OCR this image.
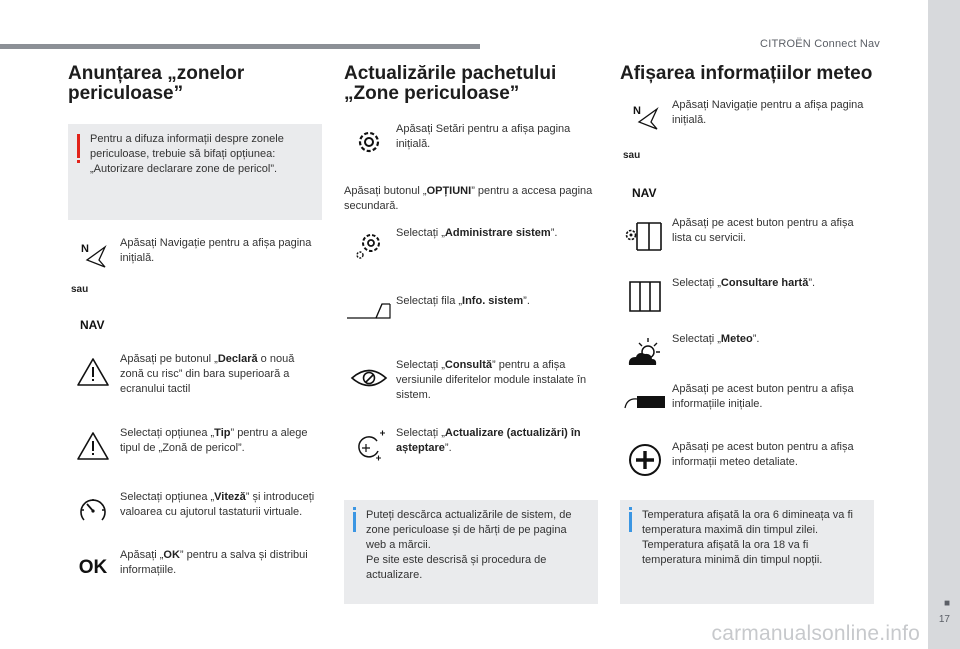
CITROËN Connect Nav
■
17
carmanualsonline.info
Anunțarea „zonelor
periculoase”
Pentru a difuza informații despre zonele periculoase, trebuie să bifați opțiunea: „Autorizare declarare zone de pericol”.
N	Apăsați Navigație pentru a afișa pagina inițială.
sau
NAV
Apăsați pe butonul „Declară o nouă zonă cu risc” din bara superioară a ecranului tactil
Selectați opțiunea „Tip” pentru a alege tipul de „Zonă de pericol”.
Selectați opțiunea „Viteză” și introduceți valoarea cu ajutorul tastaturii virtuale.
OK
Apăsați „OK” pentru a salva și distribui informațiile.
Actualizările pachetului
„Zone periculoase”
Apăsați Setări pentru a afișa pagina inițială.
Apăsați butonul „OPȚIUNI” pentru a accesa pagina secundară.
Selectați „Administrare sistem”.
Selectați fila „Info. sistem”.
Selectați „Consultă” pentru a afișa versiunile diferitelor module instalate în sistem.
Selectați „Actualizare (actualizări) în așteptare”.

Puteți descărca actualizările de sistem, de zone periculoase și de hărți de pe pagina web a mărcii.

Pe site este descrisă și procedura de actualizare.

Afișarea informațiilor meteo
N	Apăsați Navigație pentru a afișa pagina inițială.
sau
NAV
Apăsați pe acest buton pentru a afișa lista cu servicii.
Selectați „Consultare hartă”.
Selectați „Meteo”.
Apăsați pe acest buton pentru a afișa informațiile inițiale.
Apăsați pe acest buton pentru a afișa informații meteo detaliate.

Temperatura afișată la ora 6 dimineața va fi temperatura maximă din timpul zilei.

Temperatura afișată la ora 18 va fi temperatura minimă din timpul nopții.
